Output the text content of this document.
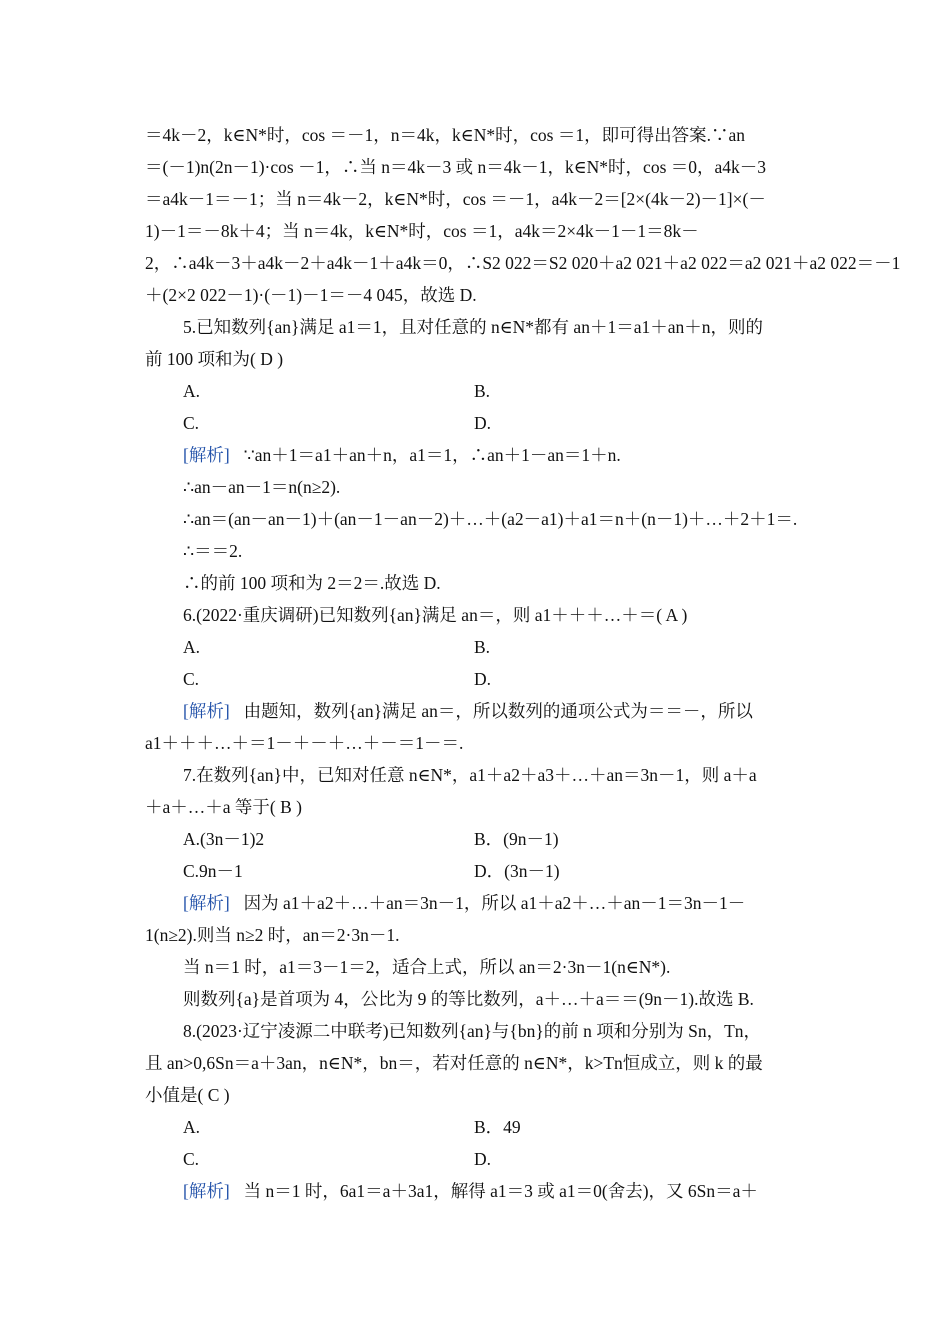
＝4k－2，k∈N*时，cos ＝－1，n＝4k，k∈N*时，cos ＝1，即可得出答案.∵an
＝(－1)n(2n－1)·cos －1，∴当 n＝4k－3 或 n＝4k－1，k∈N*时，cos ＝0，a4k－3
＝a4k－1＝－1；当 n＝4k－2，k∈N*时，cos ＝－1，a4k－2＝[2×(4k－2)－1]×(－
1)－1＝－8k＋4；当 n＝4k，k∈N*时，cos ＝1，a4k＝2×4k－1－1＝8k－
2，∴a4k－3＋a4k－2＋a4k－1＋a4k＝0，∴S2 022＝S2 020＋a2 021＋a2 022＝a2 021＋a2 022＝－1
＋(2×2 022－1)·(－1)－1＝－4 045，故选 D.
5.已知数列{an}满足 a1＝1，且对任意的 n∈N*都有 an＋1＝a1＋an＋n，则的
前 100 项和为( D )
A.	B.
C.	D.
[解析] ∵an＋1＝a1＋an＋n，a1＝1，∴an＋1－an＝1＋n.
∴an－an－1＝n(n≥2).
∴an＝(an－an－1)＋(an－1－an－2)＋…＋(a2－a1)＋a1＝n＋(n－1)＋…＋2＋1＝.
∴＝＝2.
∴的前 100 项和为 2＝2＝.故选 D.
6.(2022·重庆调研)已知数列{an}满足 an＝，则 a1＋＋＋…＋＝( A )
A.	B.
C.	D.
[解析] 由题知，数列{an}满足 an＝，所以数列的通项公式为＝＝－，所以
a1＋＋＋…＋＝1－＋－＋…＋－＝1－＝.
7.在数列{an}中，已知对任意 n∈N*，a1＋a2＋a3＋…＋an＝3n－1，则 a＋a
＋a＋…＋a 等于( B )
A.(3n－1)2	B．(9n－1)
C.9n－1	D．(3n－1)
[解析] 因为 a1＋a2＋…＋an＝3n－1，所以 a1＋a2＋…＋an－1＝3n－1－
1(n≥2).则当 n≥2 时，an＝2·3n－1.
当 n＝1 时，a1＝3－1＝2，适合上式，所以 an＝2·3n－1(n∈N*).
则数列{a}是首项为 4，公比为 9 的等比数列，a＋…＋a＝＝(9n－1).故选 B.
8.(2023·辽宁凌源二中联考)已知数列{an}与{bn}的前 n 项和分别为 Sn，Tn，
且 an>0,6Sn＝a＋3an，n∈N*，bn＝，若对任意的 n∈N*，k>Tn恒成立，则 k 的最
小值是( C )
A.	B．49
C.	D.
[解析] 当 n＝1 时，6a1＝a＋3a1，解得 a1＝3 或 a1＝0(舍去)，又 6Sn＝a＋
